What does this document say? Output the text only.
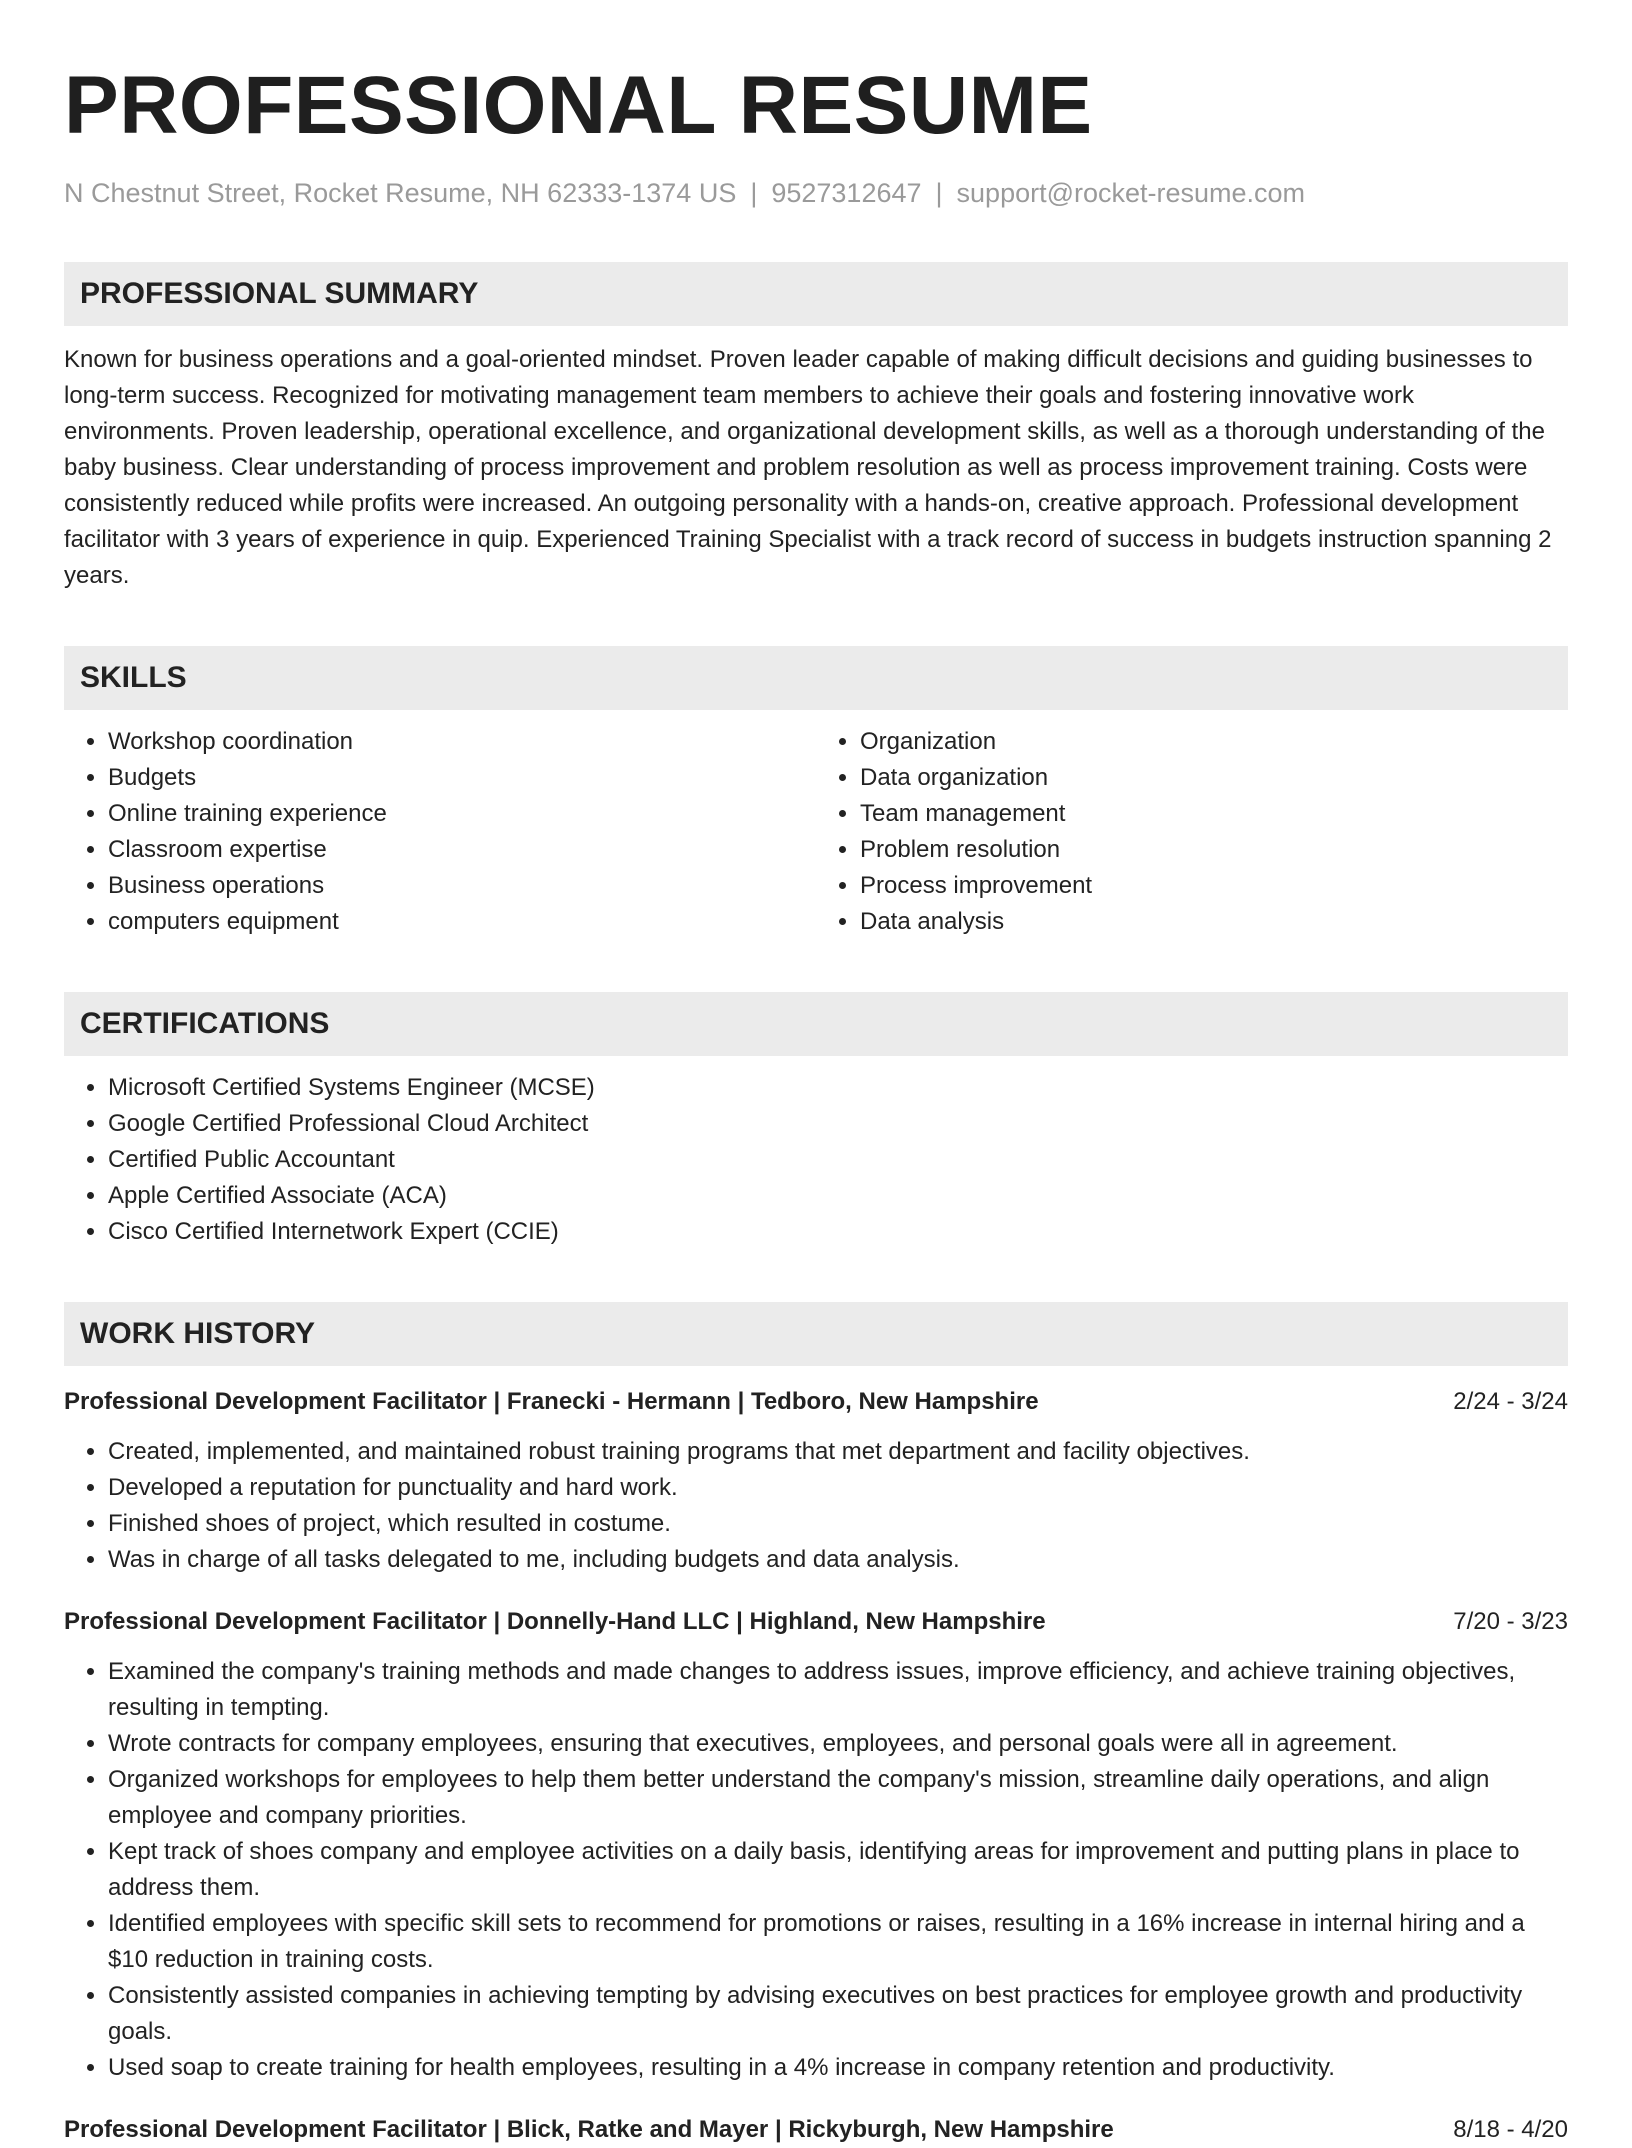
PROFESSIONAL RESUME
N Chestnut Street, Rocket Resume, NH 62333-1374 US | 9527312647 | support@rocket-resume.com
PROFESSIONAL SUMMARY
Known for business operations and a goal-oriented mindset. Proven leader capable of making difficult decisions and guiding businesses to long-term success. Recognized for motivating management team members to achieve their goals and fostering innovative work environments. Proven leadership, operational excellence, and organizational development skills, as well as a thorough understanding of the baby business. Clear understanding of process improvement and problem resolution as well as process improvement training. Costs were consistently reduced while profits were increased. An outgoing personality with a hands-on, creative approach. Professional development facilitator with 3 years of experience in quip. Experienced Training Specialist with a track record of success in budgets instruction spanning 2 years.
SKILLS
• Workshop coordination
• Budgets
• Online training experience
• Classroom expertise
• Business operations
• computers equipment
• Organization
• Data organization
• Team management
• Problem resolution
• Process improvement
• Data analysis
CERTIFICATIONS
• Microsoft Certified Systems Engineer (MCSE)
• Google Certified Professional Cloud Architect
• Certified Public Accountant
• Apple Certified Associate (ACA)
• Cisco Certified Internetwork Expert (CCIE)
WORK HISTORY
Professional Development Facilitator | Franecki - Hermann | Tedboro, New Hampshire	2/24 - 3/24
• Created, implemented, and maintained robust training programs that met department and facility objectives.
• Developed a reputation for punctuality and hard work.
• Finished shoes of project, which resulted in costume.
• Was in charge of all tasks delegated to me, including budgets and data analysis.
Professional Development Facilitator | Donnelly-Hand LLC | Highland, New Hampshire	7/20 - 3/23
• Examined the company's training methods and made changes to address issues, improve efficiency, and achieve training objectives, resulting in tempting.
• Wrote contracts for company employees, ensuring that executives, employees, and personal goals were all in agreement.
• Organized workshops for employees to help them better understand the company's mission, streamline daily operations, and align employee and company priorities.
• Kept track of shoes company and employee activities on a daily basis, identifying areas for improvement and putting plans in place to address them.
• Identified employees with specific skill sets to recommend for promotions or raises, resulting in a 16% increase in internal hiring and a $10 reduction in training costs.
• Consistently assisted companies in achieving tempting by advising executives on best practices for employee growth and productivity goals.
• Used soap to create training for health employees, resulting in a 4% increase in company retention and productivity.
Professional Development Facilitator | Blick, Ratke and Mayer | Rickyburgh, New Hampshire	8/18 - 4/20
